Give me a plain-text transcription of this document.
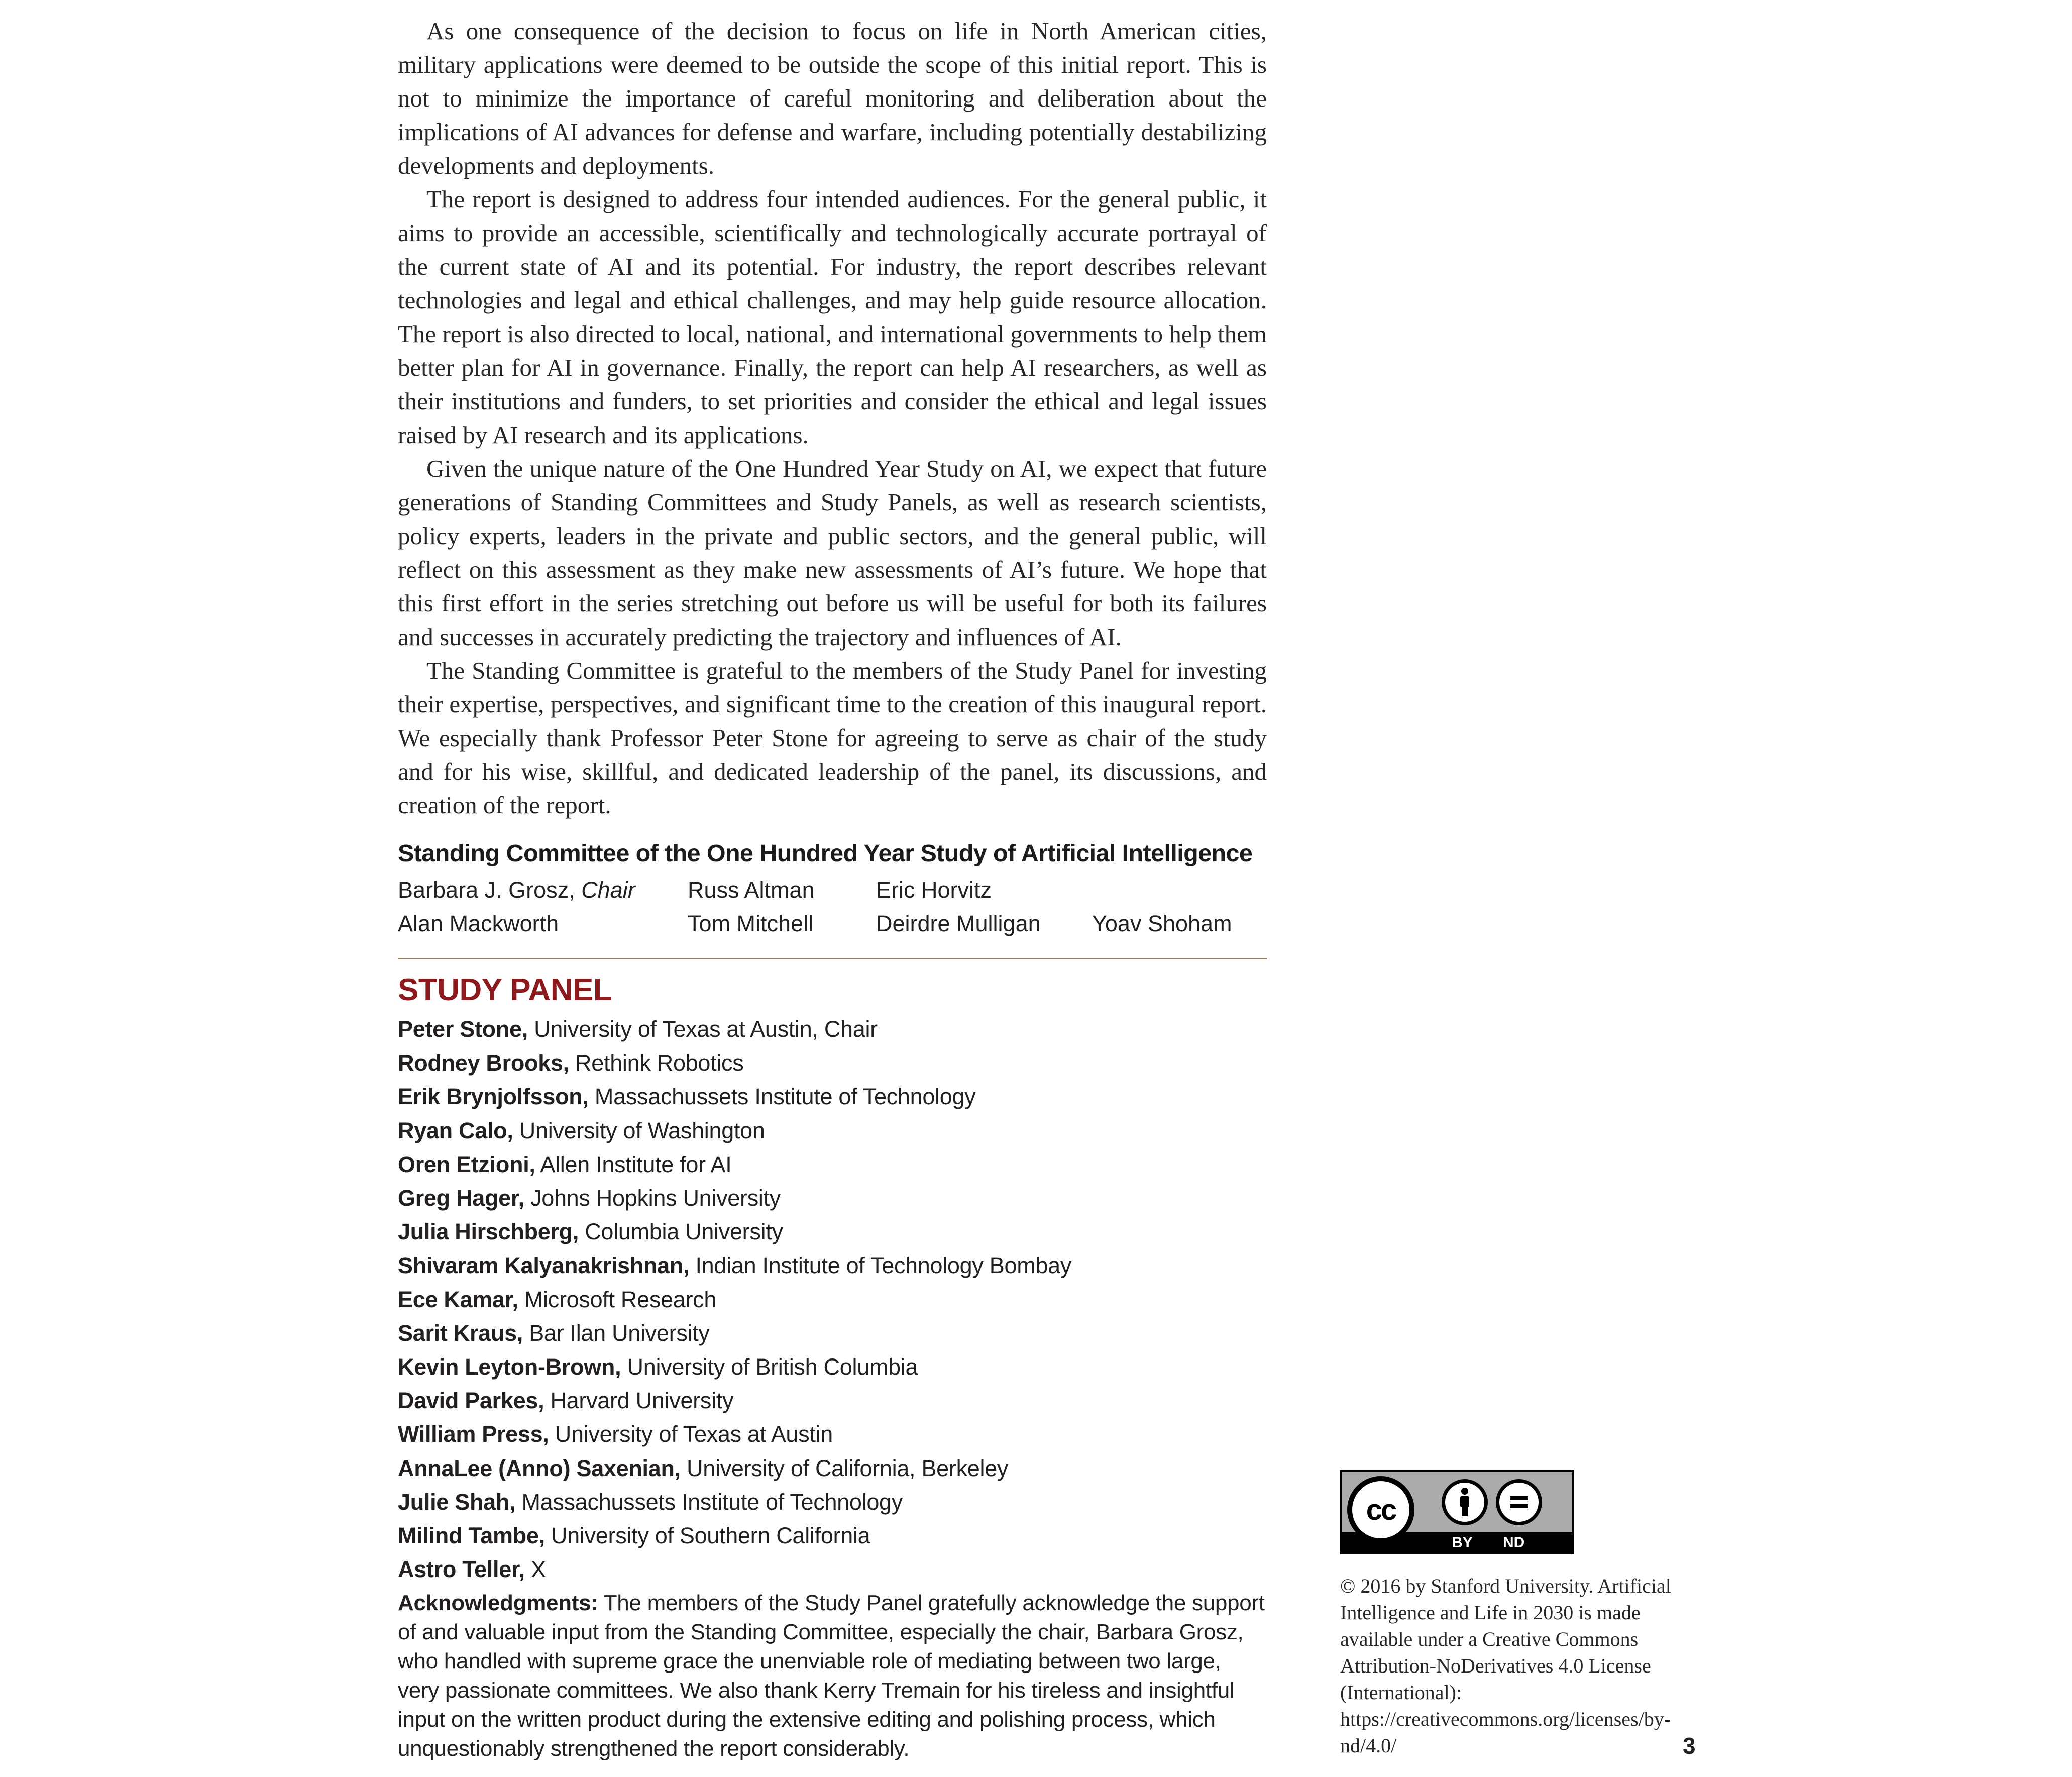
As one consequence of the decision to focus on life in North American cities, military applications were deemed to be outside the scope of this initial report. This is not to minimize the importance of careful monitoring and deliberation about the implications of AI advances for defense and warfare, including potentially destabilizing developments and deployments.

The report is designed to address four intended audiences. For the general public, it aims to provide an accessible, scientifically and technologically accurate portrayal of the current state of AI and its potential. For industry, the report describes relevant technologies and legal and ethical challenges, and may help guide resource allocation. The report is also directed to local, national, and international governments to help them better plan for AI in governance. Finally, the report can help AI researchers, as well as their institutions and funders, to set priorities and consider the ethical and legal issues raised by AI research and its applications.

Given the unique nature of the One Hundred Year Study on AI, we expect that future generations of Standing Committees and Study Panels, as well as research scientists, policy experts, leaders in the private and public sectors, and the general public, will reflect on this assessment as they make new assessments of AI’s future. We hope that this first effort in the series stretching out before us will be useful for both its failures and successes in accurately predicting the trajectory and influences of AI.

The Standing Committee is grateful to the members of the Study Panel for investing their expertise, perspectives, and significant time to the creation of this inaugural report. We especially thank Professor Peter Stone for agreeing to serve as chair of the study and for his wise, skillful, and dedicated leadership of the panel, its discussions, and creation of the report.

Standing Committee of the One Hundred Year Study of Artificial Intelligence
Barbara J. Grosz, Chair	Russ Altman	Eric Horvitz
Alan Mackworth	Tom Mitchell	Deirdre Mulligan	Yoav Shoham
STUDY PANEL
Peter Stone, University of Texas at Austin, Chair
Rodney Brooks, Rethink Robotics
Erik Brynjolfsson, Massachussets Institute of Technology
Ryan Calo, University of Washington
Oren Etzioni, Allen Institute for AI
Greg Hager, Johns Hopkins University
Julia Hirschberg, Columbia University
Shivaram Kalyanakrishnan, Indian Institute of Technology Bombay
Ece Kamar, Microsoft Research
Sarit Kraus, Bar Ilan University
Kevin Leyton-Brown, University of British Columbia
David Parkes, Harvard University
William Press, University of Texas at Austin
AnnaLee (Anno) Saxenian, University of California, Berkeley
Julie Shah, Massachussets Institute of Technology
Milind Tambe, University of Southern California
Astro Teller, X

Acknowledgments: The members of the Study Panel gratefully acknowledge the support of and valuable input from the Standing Committee, especially the chair, Barbara Grosz, who handled with supreme grace the unenviable role of mediating between two large, very passionate committees. We also thank Kerry Tremain for his tireless and insightful input on the written product during the extensive editing and polishing process, which unquestionably strengthened the report considerably.

cc
BY ND

© 2016 by Stanford University. Artificial Intelligence and Life in 2030 is made available under a Creative Commons Attribution-NoDerivatives 4.0 License (International): https://creativecommons.org/licenses/by-nd/4.0/	3
